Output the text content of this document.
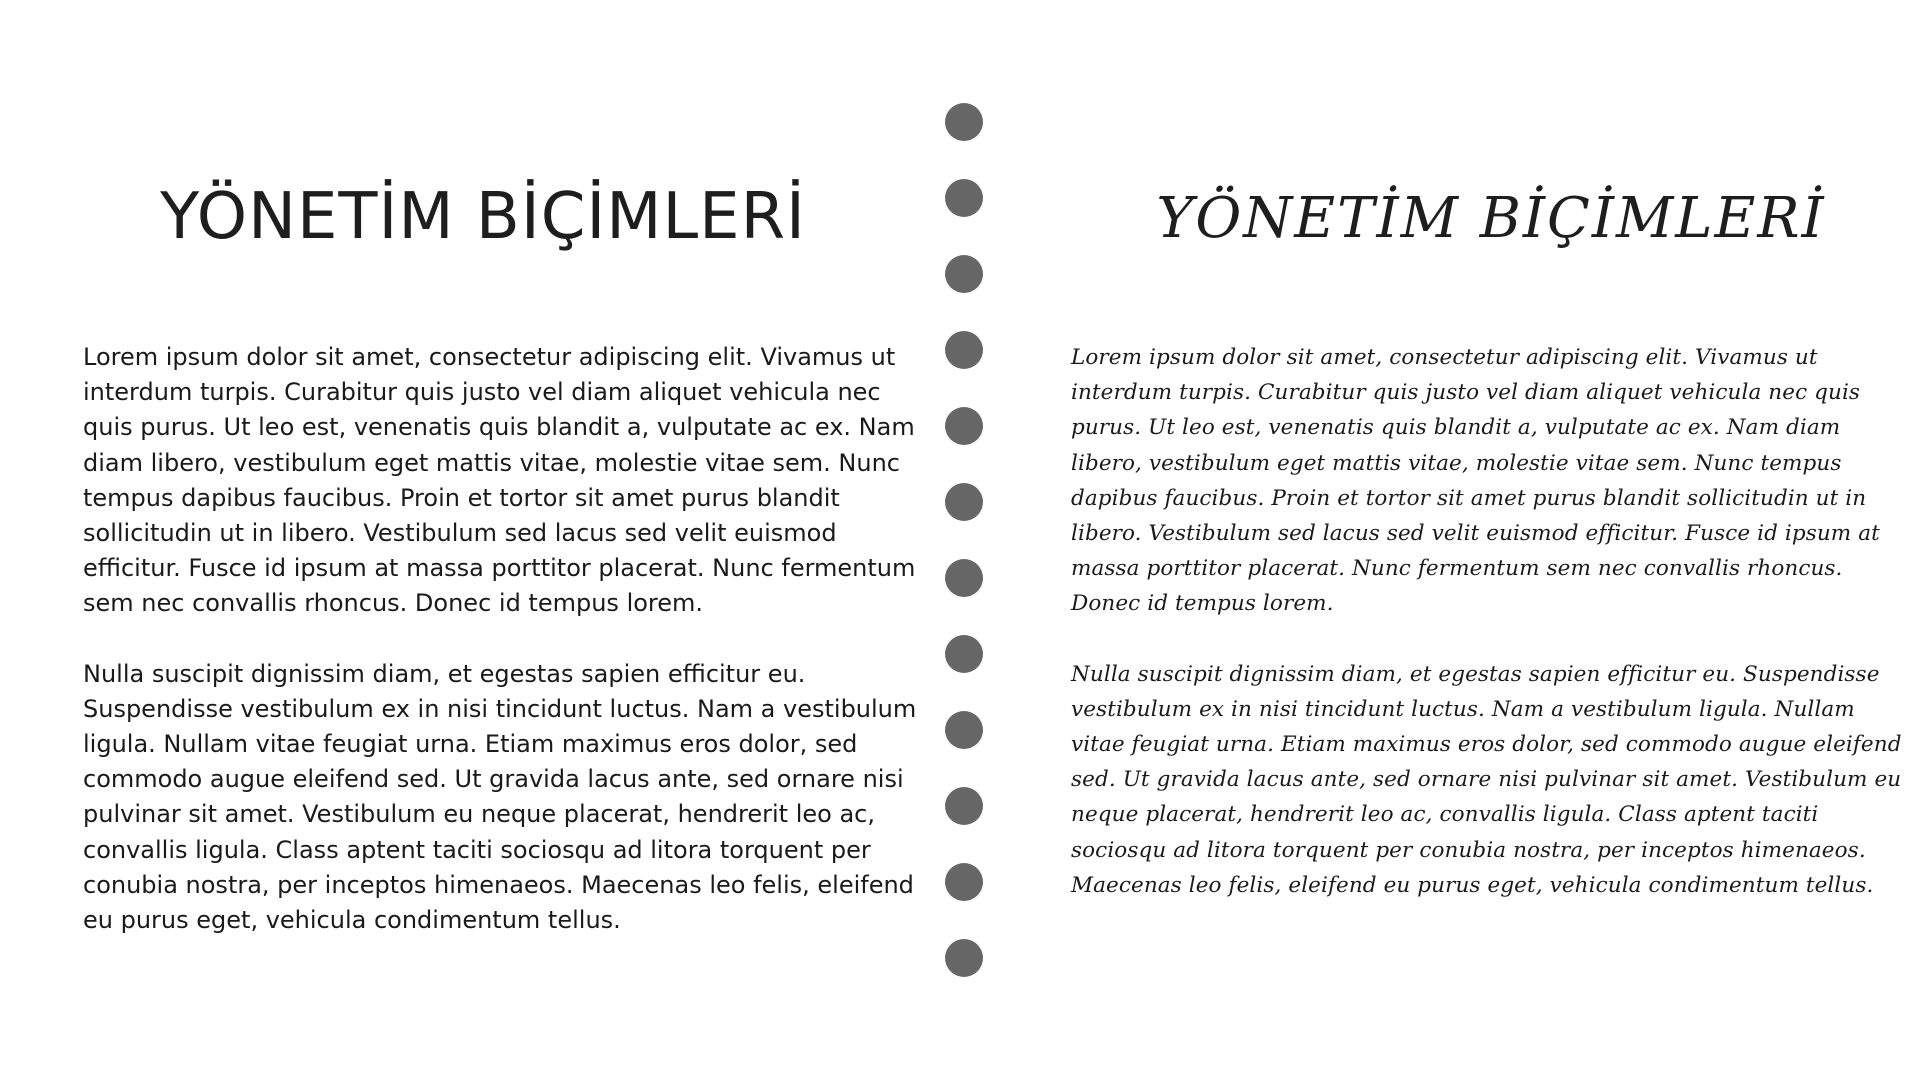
YÖNETİM BİÇİMLERİ

Lorem ipsum dolor sit amet, consectetur adipiscing elit. Vivamus ut interdum turpis. Curabitur quis justo vel diam aliquet vehicula nec quis purus. Ut leo est, venenatis quis blandit a, vulputate ac ex. Nam diam libero, vestibulum eget mattis vitae, molestie vitae sem. Nunc tempus dapibus faucibus. Proin et tortor sit amet purus blandit sollicitudin ut in libero. Vestibulum sed lacus sed velit euismod efficitur. Fusce id ipsum at massa porttitor placerat. Nunc fermentum sem nec convallis rhoncus. Donec id tempus lorem.

Nulla suscipit dignissim diam, et egestas sapien efficitur eu. Suspendisse vestibulum ex in nisi tincidunt luctus. Nam a vestibulum ligula. Nullam vitae feugiat urna. Etiam maximus eros dolor, sed commodo augue eleifend sed. Ut gravida lacus ante, sed ornare nisi pulvinar sit amet. Vestibulum eu neque placerat, hendrerit leo ac, convallis ligula. Class aptent taciti sociosqu ad litora torquent per conubia nostra, per inceptos himenaeos. Maecenas leo felis, eleifend eu purus eget, vehicula condimentum tellus.

YÖNETİM BİÇİMLERİ

Lorem ipsum dolor sit amet, consectetur adipiscing elit. Vivamus ut interdum turpis. Curabitur quis justo vel diam aliquet vehicula nec quis purus. Ut leo est, venenatis quis blandit a, vulputate ac ex. Nam diam libero, vestibulum eget mattis vitae, molestie vitae sem. Nunc tempus dapibus faucibus. Proin et tortor sit amet purus blandit sollicitudin ut in libero. Vestibulum sed lacus sed velit euismod efficitur. Fusce id ipsum at massa porttitor placerat. Nunc fermentum sem nec convallis rhoncus. Donec id tempus lorem.

Nulla suscipit dignissim diam, et egestas sapien efficitur eu. Suspendisse vestibulum ex in nisi tincidunt luctus. Nam a vestibulum ligula. Nullam vitae feugiat urna. Etiam maximus eros dolor, sed commodo augue eleifend sed. Ut gravida lacus ante, sed ornare nisi pulvinar sit amet. Vestibulum eu neque placerat, hendrerit leo ac, convallis ligula. Class aptent taciti sociosqu ad litora torquent per conubia nostra, per inceptos himenaeos. Maecenas leo felis, eleifend eu purus eget, vehicula condimentum tellus.
